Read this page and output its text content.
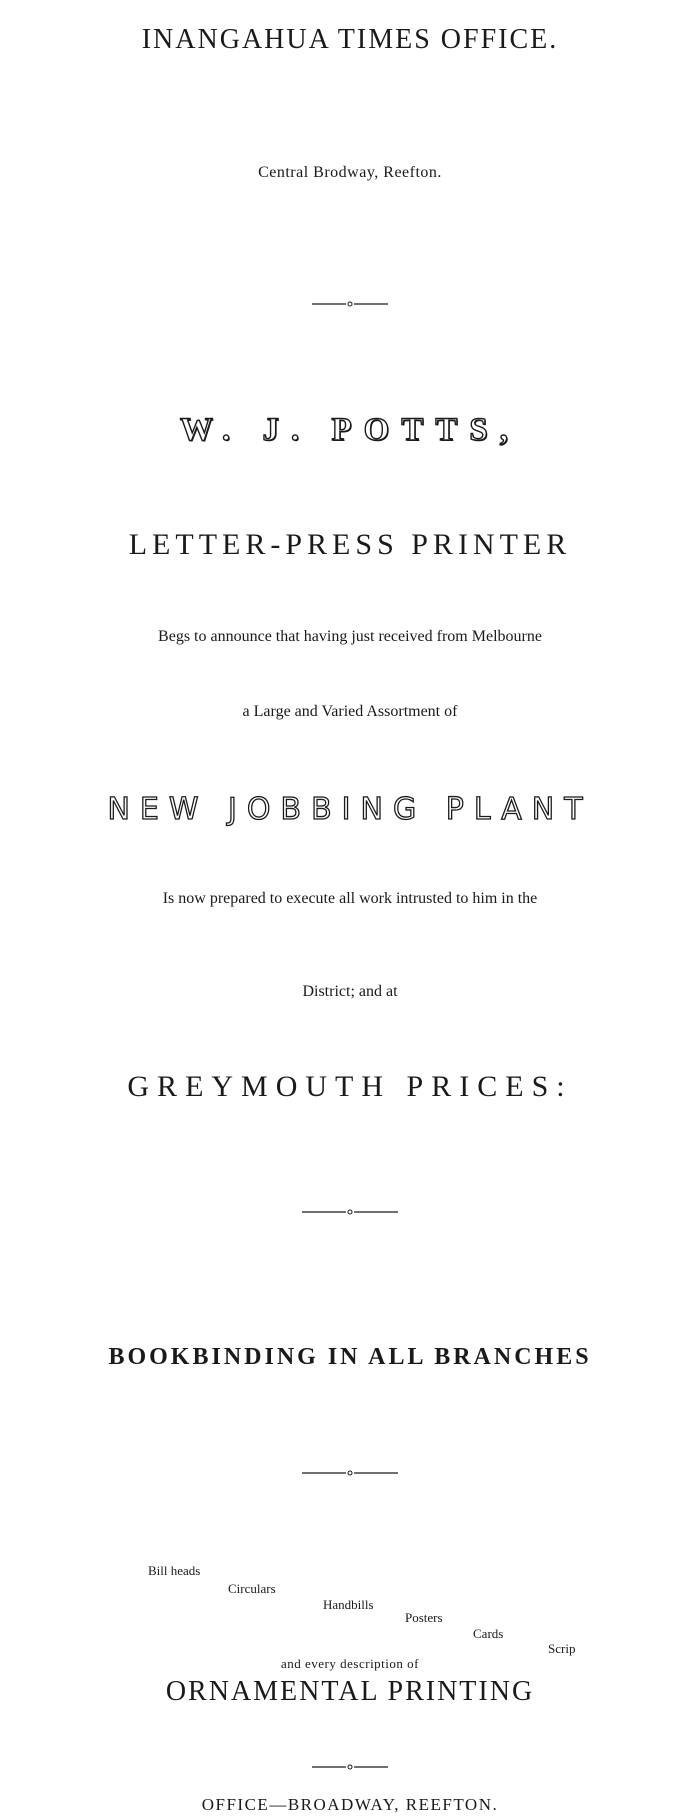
INANGAHUA TIMES OFFICE.
Central Brodway, Reefton.
W. J. POTTS,
LETTER-PRESS PRINTER
Begs to announce that having just received from Melbourne
a Large and Varied Assortment of
NEW JOBBING PLANT
Is now prepared to execute all work intrusted to him in the
District; and at
GREYMOUTH PRICES:
BOOKBINDING IN ALL BRANCHES
Bill heads
Circulars
Handbills
Posters
Cards
Scrip
and every description of
ORNAMENTAL PRINTING
OFFICE—BROADWAY, REEFTON.
